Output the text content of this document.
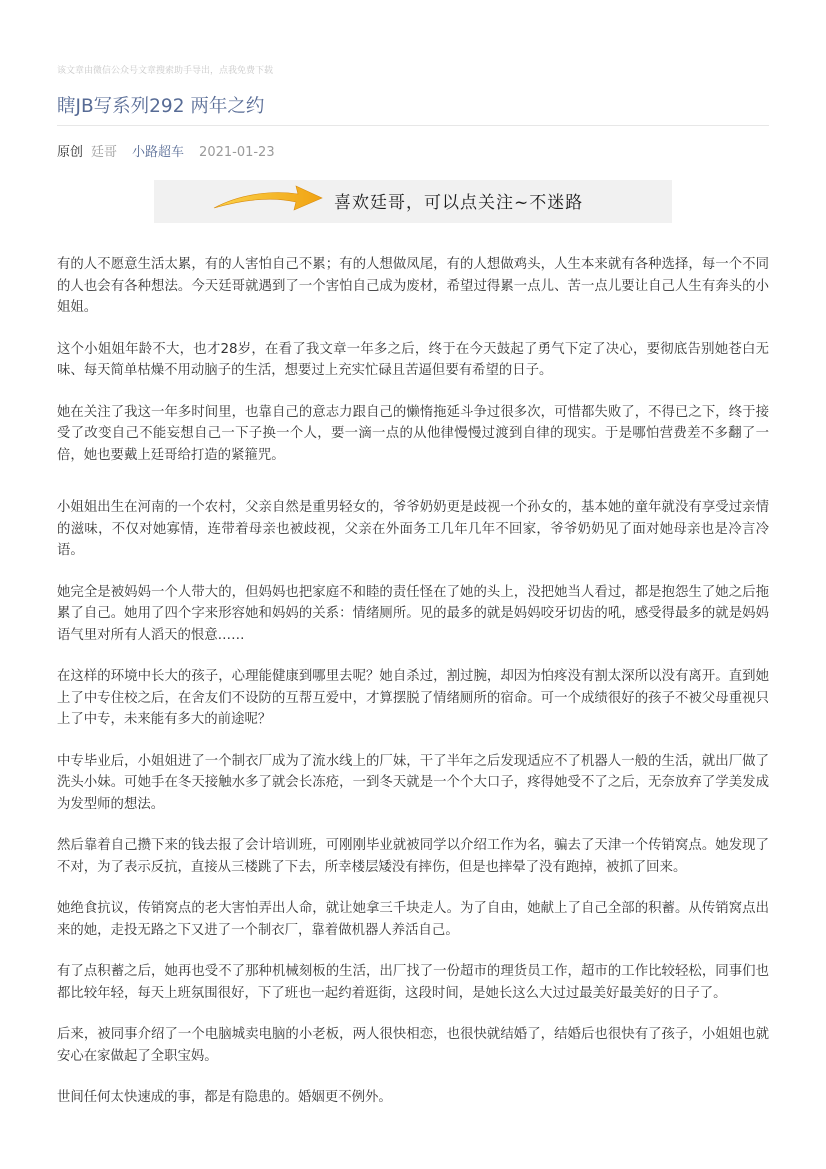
该文章由微信公众号文章搜索助手导出，点我免费下载
瞎JB写系列292 两年之约
原创 廷哥 小路超车 2021-01-23
喜欢廷哥，可以点关注~不迷路

有的人不愿意生活太累，有的人害怕自己不累；有的人想做凤尾，有的人想做鸡头，人生本来就有各种选择，每一个不同的人也会有各种想法。今天廷哥就遇到了一个害怕自己成为废材，希望过得累一点儿、苦一点儿要让自己人生有奔头的小姐姐。

这个小姐姐年龄不大，也才28岁，在看了我文章一年多之后，终于在今天鼓起了勇气下定了决心，要彻底告别她苍白无味、每天简单枯燥不用动脑子的生活，想要过上充实忙碌且苦逼但要有希望的日子。

她在关注了我这一年多时间里，也靠自己的意志力跟自己的懒惰拖延斗争过很多次，可惜都失败了，不得已之下，终于接受了改变自己不能妄想自己一下子换一个人，要一滴一点的从他律慢慢过渡到自律的现实。于是哪怕营费差不多翻了一倍，她也要戴上廷哥给打造的紧箍咒。

小姐姐出生在河南的一个农村，父亲自然是重男轻女的，爷爷奶奶更是歧视一个孙女的，基本她的童年就没有享受过亲情的滋味，不仅对她寡情，连带着母亲也被歧视，父亲在外面务工几年几年不回家，爷爷奶奶见了面对她母亲也是冷言冷语。

她完全是被妈妈一个人带大的，但妈妈也把家庭不和睦的责任怪在了她的头上，没把她当人看过，都是抱怨生了她之后拖累了自己。她用了四个字来形容她和妈妈的关系：情绪厕所。见的最多的就是妈妈咬牙切齿的吼，感受得最多的就是妈妈语气里对所有人滔天的恨意……

在这样的环境中长大的孩子，心理能健康到哪里去呢？她自杀过，割过腕，却因为怕疼没有割太深所以没有离开。直到她上了中专住校之后，在舍友们不设防的互帮互爱中，才算摆脱了情绪厕所的宿命。可一个成绩很好的孩子不被父母重视只上了中专，未来能有多大的前途呢？

中专毕业后，小姐姐进了一个制衣厂成为了流水线上的厂妹，干了半年之后发现适应不了机器人一般的生活，就出厂做了洗头小妹。可她手在冬天接触水多了就会长冻疮，一到冬天就是一个个大口子，疼得她受不了之后，无奈放弃了学美发成为发型师的想法。

然后靠着自己攒下来的钱去报了会计培训班，可刚刚毕业就被同学以介绍工作为名，骗去了天津一个传销窝点。她发现了不对，为了表示反抗，直接从三楼跳了下去，所幸楼层矮没有摔伤，但是也摔晕了没有跑掉，被抓了回来。

她绝食抗议，传销窝点的老大害怕弄出人命，就让她拿三千块走人。为了自由，她献上了自己全部的积蓄。从传销窝点出来的她，走投无路之下又进了一个制衣厂，靠着做机器人养活自己。

有了点积蓄之后，她再也受不了那种机械刻板的生活，出厂找了一份超市的理货员工作，超市的工作比较轻松，同事们也都比较年轻，每天上班氛围很好，下了班也一起约着逛街，这段时间，是她长这么大过过最美好最美好的日子了。

后来，被同事介绍了一个电脑城卖电脑的小老板，两人很快相恋，也很快就结婚了，结婚后也很快有了孩子，小姐姐也就安心在家做起了全职宝妈。

世间任何太快速成的事，都是有隐患的。婚姻更不例外。
